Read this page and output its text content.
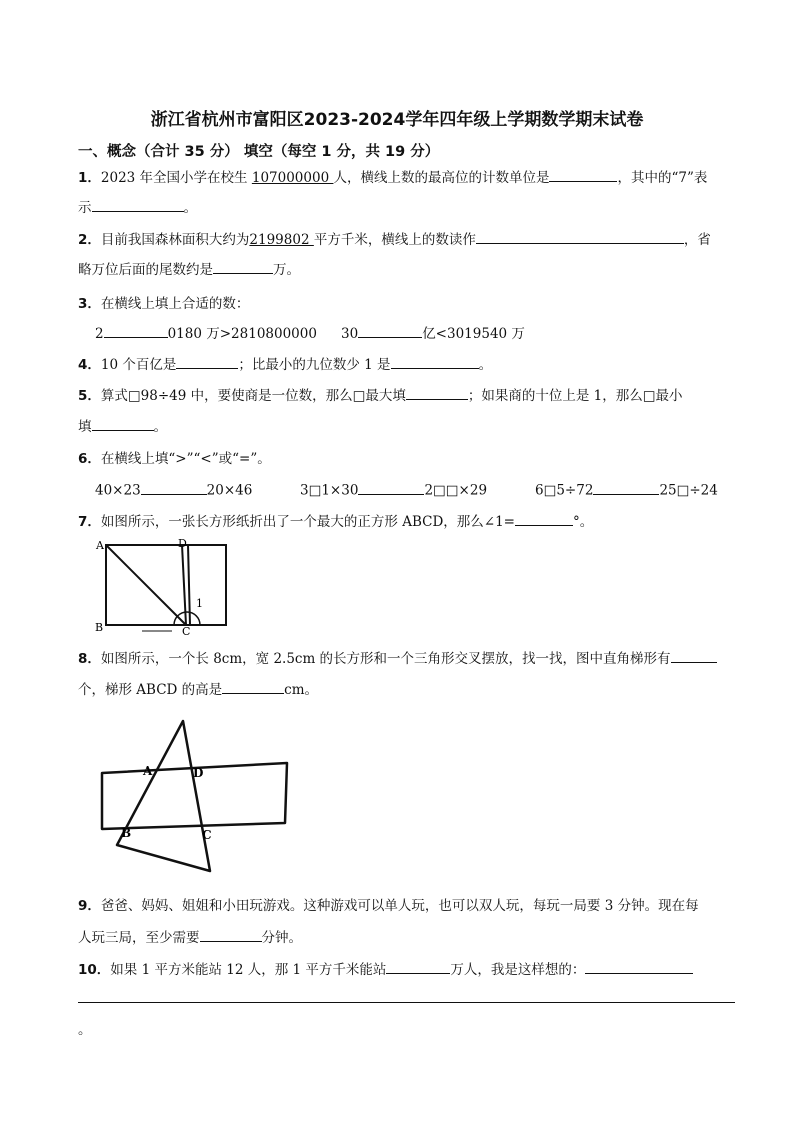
浙江省杭州市富阳区2023-2024学年四年级上学期数学期末试卷
一、概念（合计 35 分） 填空（每空 1 分，共 19 分）
1．2023 年全国小学在校生 107000000 人，横线上数的最高位的计数单位是	，其中的“7”表
示	。
2．目前我国森林面积大约为2199802 平方千米，横线上的数读作	，省
略万位后面的尾数约是	万。
3．在横线上填上合适的数：
2	0180 万>2810800000 30	亿<3019540 万
4．10 个百亿是	；比最小的九位数少 1 是	。
5．算式□98÷49 中，要使商是一位数，那么□最大填	；如果商的十位上是 1，那么□最小
填	。
6．在横线上填“>”“<”或“=”。
40×23	20×46	3□1×30	2□□×29	6□5÷72	25□÷24
7．如图所示，一张长方形纸折出了一个最大的正方形 ABCD，那么∠1=	°。
A
B	C
D
1
8．如图所示，一个长 8cm，宽 2.5cm 的长方形和一个三角形交叉摆放，找一找，图中直角梯形有
个，梯形 ABCD 的高是	cm。
A
B	C
D
9．爸爸、妈妈、姐姐和小田玩游戏。这种游戏可以单人玩，也可以双人玩，每玩一局要 3 分钟。现在每
人玩三局，至少需要	分钟。
10．如果 1 平方米能站 12 人，那 1 平方千米能站	万人，我是这样想的：
。
